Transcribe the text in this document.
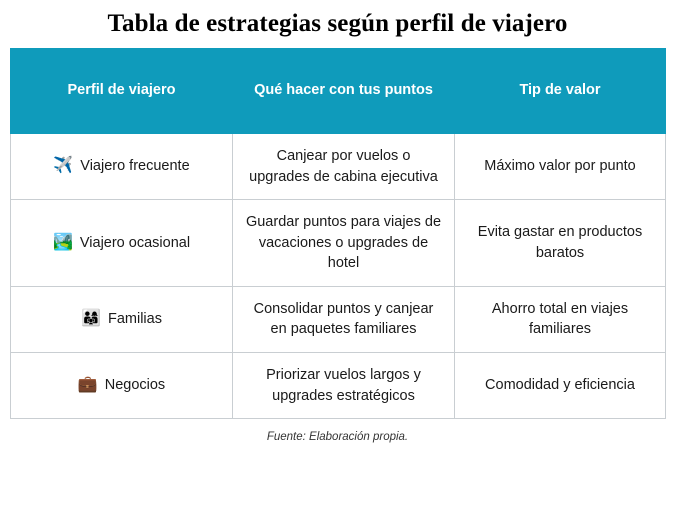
Tabla de estrategias según perfil de viajero
Perfil de viajero	Qué hacer con tus puntos	Tip de valor

✈️ Viajero frecuente	Canjear por vuelos o upgrades de cabina ejecutiva	Máximo valor por punto

🏞️ Viajero ocasional	Guardar puntos para viajes de vacaciones o upgrades de hotel	Evita gastar en productos baratos

👨‍👩‍👧 Familias	Consolidar puntos y canjear en paquetes familiares	Ahorro total en viajes familiares

💼 Negocios	Priorizar vuelos largos y upgrades estratégicos	Comodidad y eficiencia
Fuente: Elaboración propia.
